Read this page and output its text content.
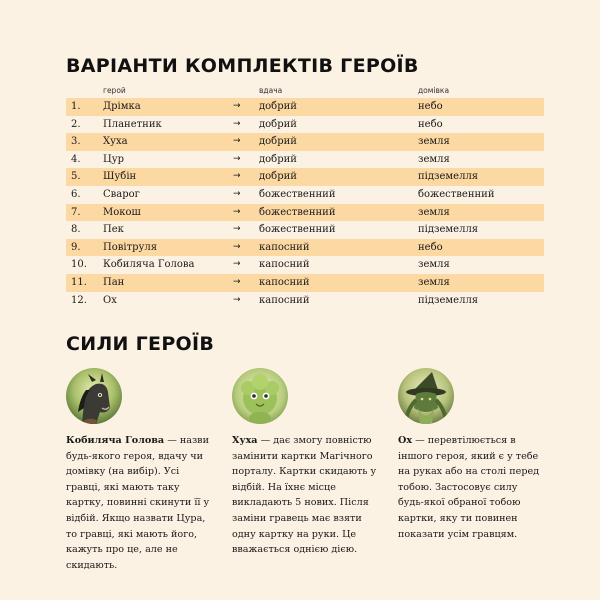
ВАРІАНТИ КОМПЛЕКТІВ ГЕРОЇВ
герой	вдача	домівка
1. Дрімка	→ добрий	небо
2. Планетник	→ добрий	небо
3. Хуха	→ добрий	земля
4. Цур	→ добрий	земля
5. Шубін	→ добрий	підземелля
6. Сварог	→ божественний	божественний
7. Мокош	→ божественний	земля
8. Пек	→ божественний	підземелля
9. Повітруля	→ капосний	небо
10. Кобиляча Голова	→ капосний	земля
11. Пан	→ капосний	земля
12. Ох	→ капосний	підземелля
СИЛИ ГЕРОЇВ

Кобиляча Голова — назви будь-якого героя, вдачу чи домівку (на вибір). Усі гравці, які мають таку картку, повинні скинути її у відбій. Якщо назвати Цура, то гравці, які мають його, кажуть про це, але не скидають.

Хуха — дає змогу повністю замінити картки Магічного порталу. Картки скидають у відбій. На їхнє місце викладають 5 нових. Після заміни гравець має взяти одну картку на руки. Це вважається однією дією.

Ох — перевтілюється в іншого героя, який є у тебе на руках або на столі перед тобою. Застосовує силу будь-якої обраної тобою картки, яку ти повинен показати усім гравцям.
